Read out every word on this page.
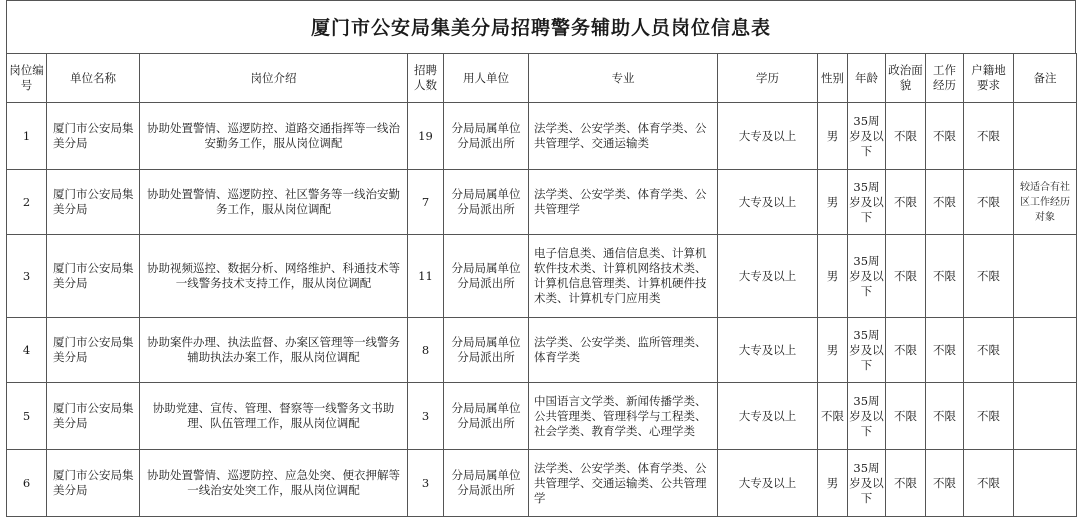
厦门市公安局集美分局招聘警务辅助人员岗位信息表
岗位编号	单位名称	岗位介绍	招聘人数	用人单位	专业	学历	性别	年龄	政治面貌	工作经历	户籍地要求	备注
1	厦门市公安局集美分局	协助处置警情、巡逻防控、道路交通指挥等一线治安勤务工作，服从岗位调配	19	分局局属单位分局派出所	法学类、公安学类、体育学类、公共管理学、交通运输类	大专及以上	男	35周岁及以下	不限	不限	不限	
2	厦门市公安局集美分局	协助处置警情、巡逻防控、社区警务等一线治安勤务工作，服从岗位调配	7	分局局属单位分局派出所	法学类、公安学类、体育学类、公共管理学	大专及以上	男	35周岁及以下	不限	不限	不限	较适合有社区工作经历对象
3	厦门市公安局集美分局	协助视频巡控、数据分析、网络维护、科通技术等一线警务技术支持工作，服从岗位调配	11	分局局属单位分局派出所	电子信息类、通信信息类、计算机软件技术类、计算机网络技术类、计算机信息管理类、计算机硬件技术类、计算机专门应用类	大专及以上	男	35周岁及以下	不限	不限	不限	
4	厦门市公安局集美分局	协助案件办理、执法监督、办案区管理等一线警务辅助执法办案工作，服从岗位调配	8	分局局属单位分局派出所	法学类、公安学类、监所管理类、体育学类	大专及以上	男	35周岁及以下	不限	不限	不限	
5	厦门市公安局集美分局	协助党建、宣传、管理、督察等一线警务文书助理、队伍管理工作，服从岗位调配	3	分局局属单位分局派出所	中国语言文学类、新闻传播学类、公共管理类、管理科学与工程类、社会学类、教育学类、心理学类	大专及以上	不限	35周岁及以下	不限	不限	不限	
6	厦门市公安局集美分局	协助处置警情、巡逻防控、应急处突、便衣押解等一线治安处突工作，服从岗位调配	3	分局局属单位分局派出所	法学类、公安学类、体育学类、公共管理学、交通运输类、公共管理学	大专及以上	男	35周岁及以下	不限	不限	不限	
